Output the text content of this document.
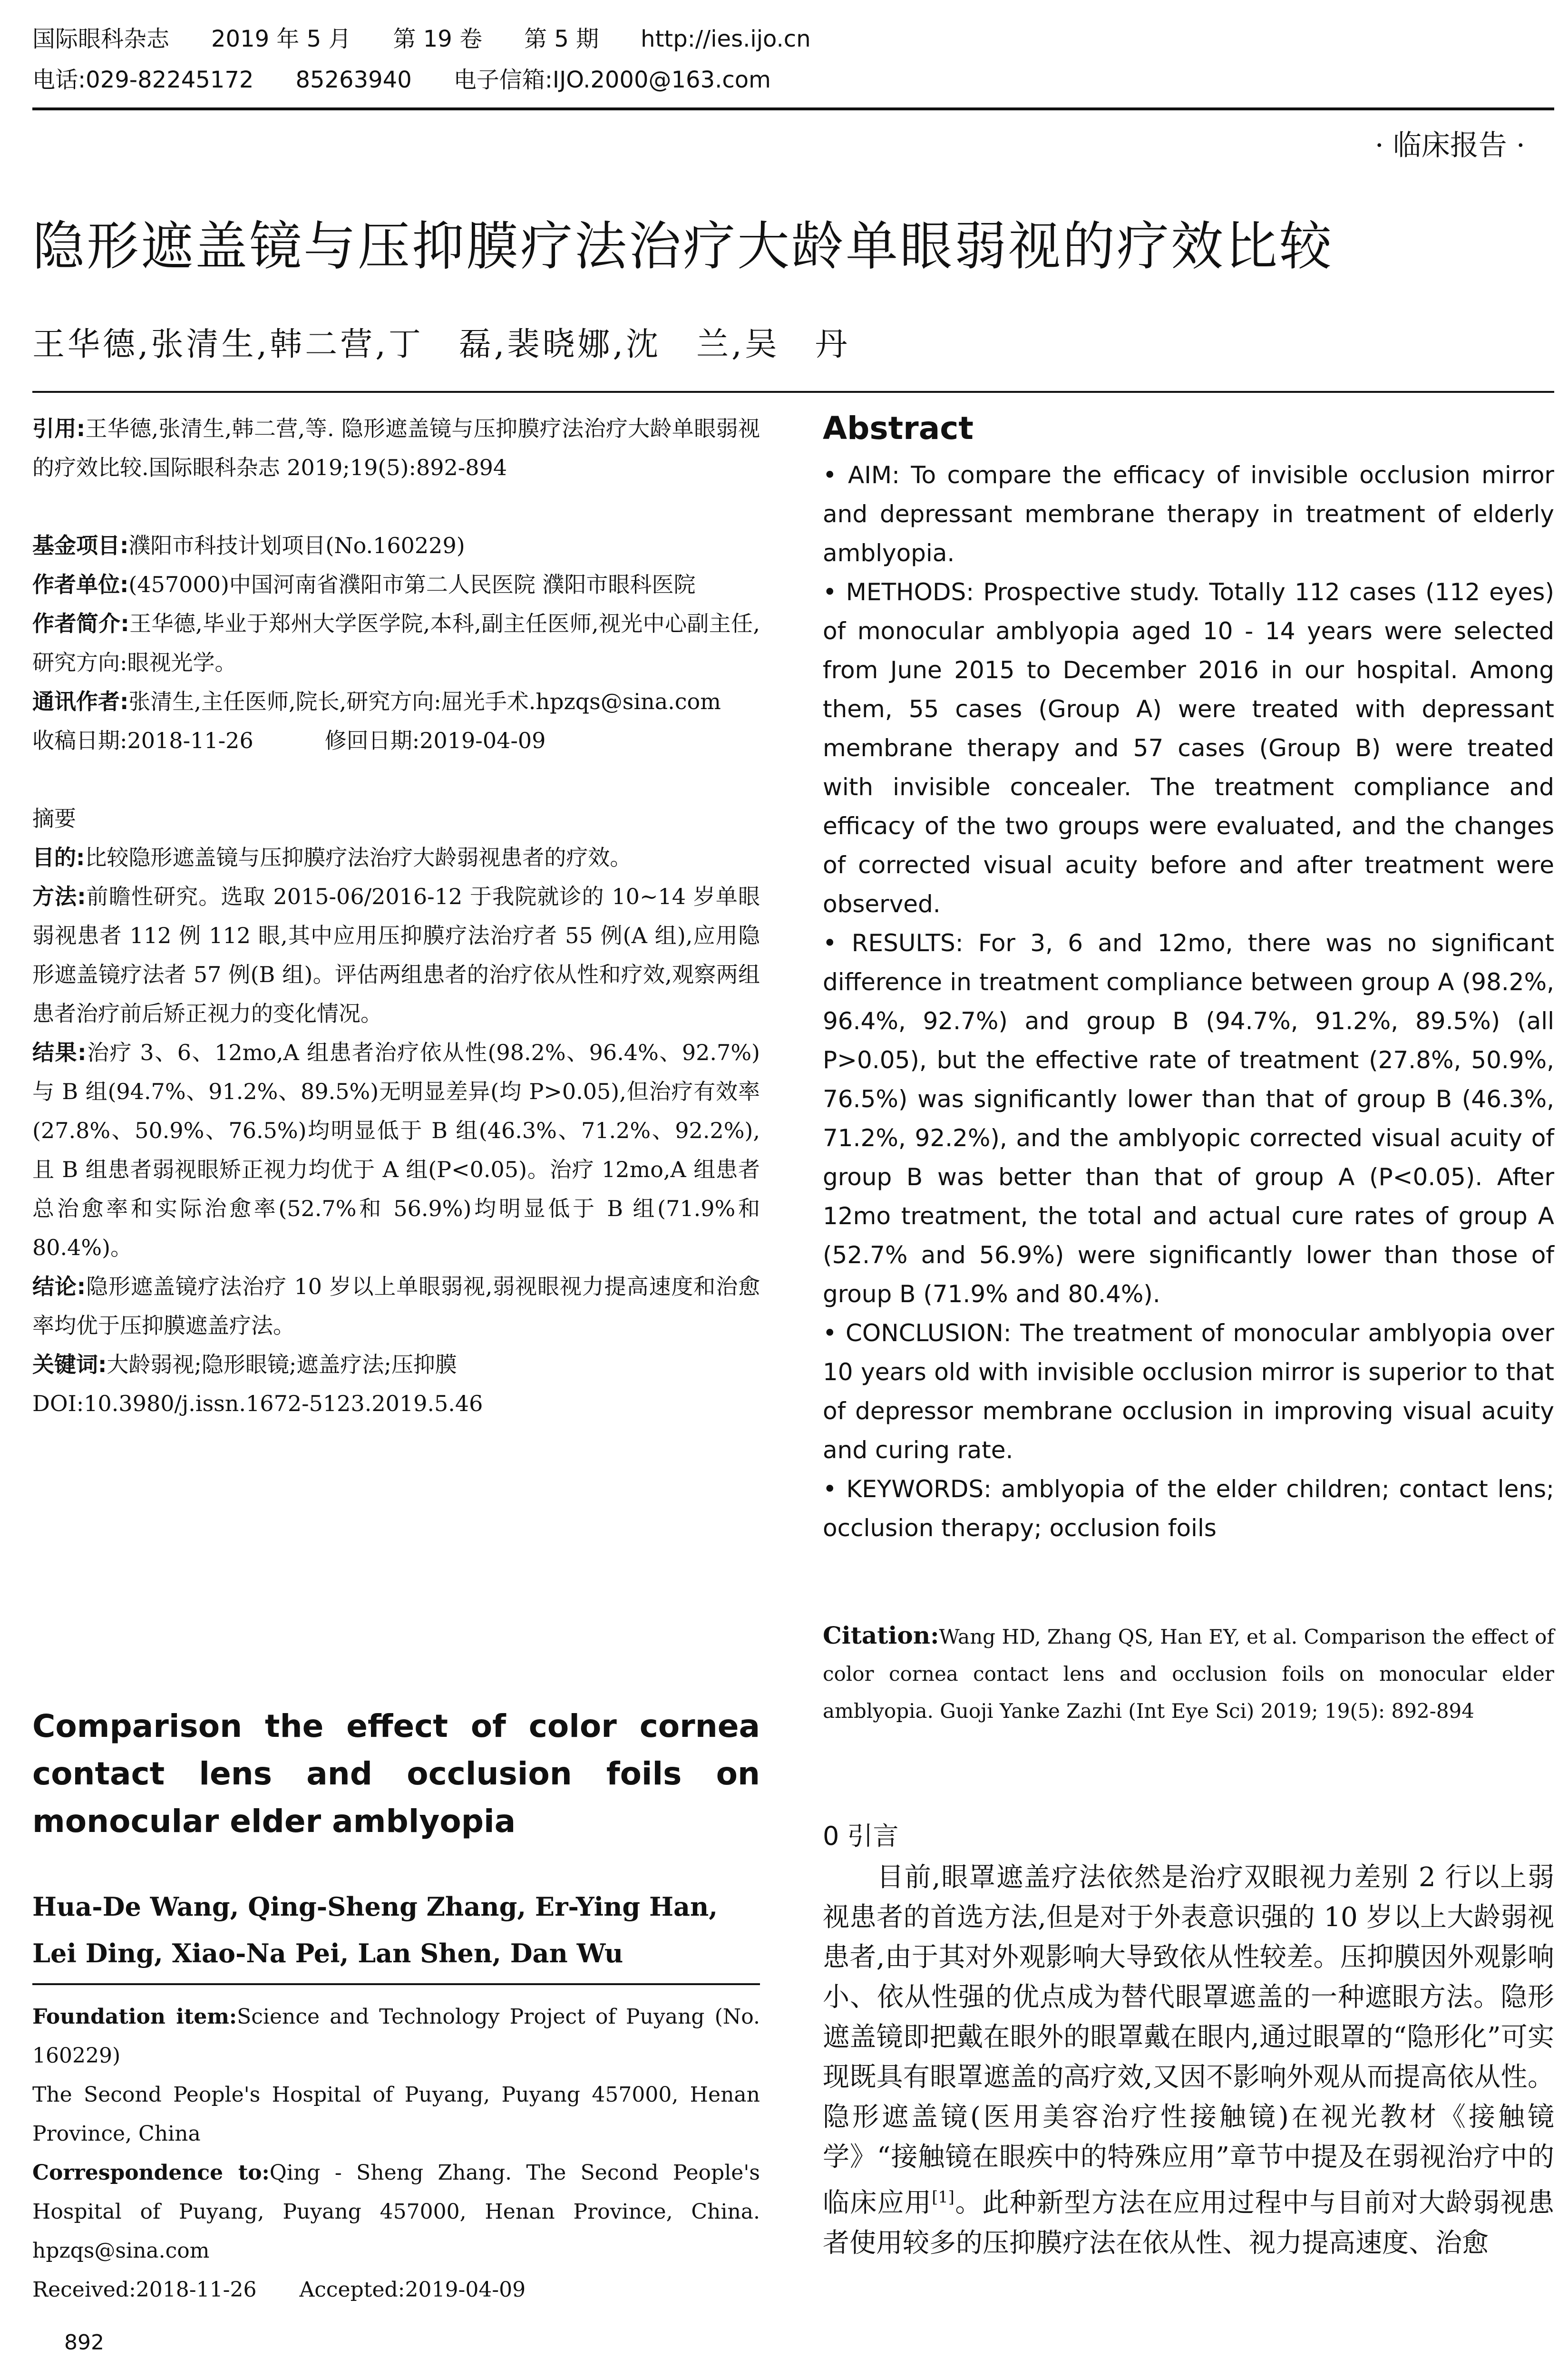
国际眼科杂志 2019 年 5 月 第 19 卷 第 5 期 http://ies.ijo.cn
电话:029-82245172 85263940 电子信箱:IJO.2000@163.com
· 临床报告 ·
隐形遮盖镜与压抑膜疗法治疗大龄单眼弱视的疗效比较
王华德,张清生,韩二营,丁　磊,裴晓娜,沈　兰,吴　丹

引用:王华德,张清生,韩二营,等. 隐形遮盖镜与压抑膜疗法治疗大龄单眼弱视的疗效比较.国际眼科杂志 2019;19(5):892-894

基金项目:濮阳市科技计划项目(No.160229)

作者单位:(457000)中国河南省濮阳市第二人民医院 濮阳市眼科医院

作者简介:王华德,毕业于郑州大学医学院,本科,副主任医师,视光中心副主任,研究方向:眼视光学。

通讯作者:张清生,主任医师,院长,研究方向:屈光手术.hpzqs@sina.com

收稿日期:2018-11-26	修回日期:2019-04-09

摘要

目的:比较隐形遮盖镜与压抑膜疗法治疗大龄弱视患者的疗效。

方法:前瞻性研究。选取 2015-06/2016-12 于我院就诊的 10~14 岁单眼弱视患者 112 例 112 眼,其中应用压抑膜疗法治疗者 55 例(A 组),应用隐形遮盖镜疗法者 57 例(B 组)。评估两组患者的治疗依从性和疗效,观察两组患者治疗前后矫正视力的变化情况。

结果:治疗 3、6、12mo,A 组患者治疗依从性(98.2%、96.4%、92.7%)与 B 组(94.7%、91.2%、89.5%)无明显差异(均 P>0.05),但治疗有效率(27.8%、50.9%、76.5%)均明显低于 B 组(46.3%、71.2%、92.2%),且 B 组患者弱视眼矫正视力均优于 A 组(P<0.05)。治疗 12mo,A 组患者总治愈率和实际治愈率(52.7%和 56.9%)均明显低于 B 组(71.9%和 80.4%)。

结论:隐形遮盖镜疗法治疗 10 岁以上单眼弱视,弱视眼视力提高速度和治愈率均优于压抑膜遮盖疗法。

关键词:大龄弱视;隐形眼镜;遮盖疗法;压抑膜

DOI:10.3980/j.issn.1672-5123.2019.5.46

Comparison the effect of color cornea contact lens and occlusion foils on monocular elder amblyopia
Hua-De Wang, Qing-Sheng Zhang, Er-Ying Han, Lei Ding, Xiao-Na Pei, Lan Shen, Dan Wu

Foundation item:Science and Technology Project of Puyang (No. 160229)

The Second People's Hospital of Puyang, Puyang 457000, Henan Province, China

Correspondence to:Qing - Sheng Zhang. The Second People's Hospital of Puyang, Puyang 457000, Henan Province, China. hpzqs@sina.com

Received:2018-11-26 Accepted:2019-04-09

892
Abstract

• AIM: To compare the efficacy of invisible occlusion mirror and depressant membrane therapy in treatment of elderly amblyopia.

• METHODS: Prospective study. Totally 112 cases (112 eyes) of monocular amblyopia aged 10 - 14 years were selected from June 2015 to December 2016 in our hospital. Among them, 55 cases (Group A) were treated with depressant membrane therapy and 57 cases (Group B) were treated with invisible concealer. The treatment compliance and efficacy of the two groups were evaluated, and the changes of corrected visual acuity before and after treatment were observed.

• RESULTS: For 3, 6 and 12mo, there was no significant difference in treatment compliance between group A (98.2%, 96.4%, 92.7%) and group B (94.7%, 91.2%, 89.5%) (all P>0.05), but the effective rate of treatment (27.8%, 50.9%, 76.5%) was significantly lower than that of group B (46.3%, 71.2%, 92.2%), and the amblyopic corrected visual acuity of group B was better than that of group A (P<0.05). After 12mo treatment, the total and actual cure rates of group A (52.7% and 56.9%) were significantly lower than those of group B (71.9% and 80.4%).

• CONCLUSION: The treatment of monocular amblyopia over 10 years old with invisible occlusion mirror is superior to that of depressor membrane occlusion in improving visual acuity and curing rate.

• KEYWORDS: amblyopia of the elder children; contact lens; occlusion therapy; occlusion foils

Citation:Wang HD, Zhang QS, Han EY, et al. Comparison the effect of color cornea contact lens and occlusion foils on monocular elder amblyopia. Guoji Yanke Zazhi (Int Eye Sci) 2019; 19(5): 892-894
0 引言
目前,眼罩遮盖疗法依然是治疗双眼视力差别 2 行以上弱视患者的首选方法,但是对于外表意识强的 10 岁以上大龄弱视患者,由于其对外观影响大导致依从性较差。压抑膜因外观影响小、依从性强的优点成为替代眼罩遮盖的一种遮眼方法。隐形遮盖镜即把戴在眼外的眼罩戴在眼内,通过眼罩的“隐形化”可实现既具有眼罩遮盖的高疗效,又因不影响外观从而提高依从性。隐形遮盖镜(医用美容治疗性接触镜)在视光教材《接触镜学》“接触镜在眼疾中的特殊应用”章节中提及在弱视治疗中的临床应用[1]。此种新型方法在应用过程中与目前对大龄弱视患者使用较多的压抑膜疗法在依从性、视力提高速度、治愈
